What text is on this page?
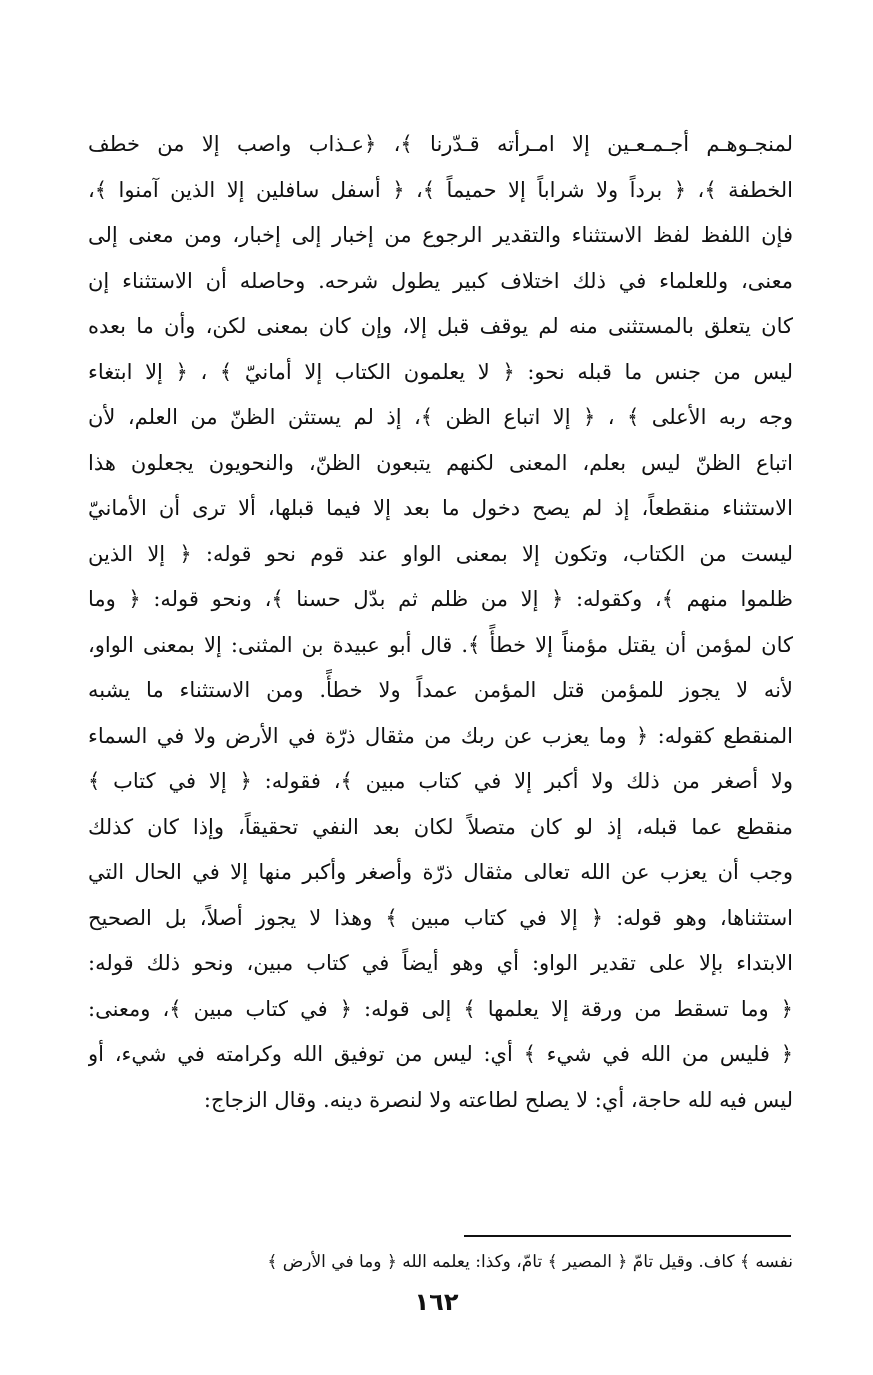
لمنجـوهـم أجـمـعـين إلا امـرأته قـدّرنا ﴾، ﴿عـذاب واصب إلا من خطف
الخطفة ﴾، ﴿ برداً ولا شراباً إلا حميماً ﴾، ﴿ أسفل سافلين إلا الذين آمنوا ﴾،
فإن اللفظ لفظ الاستثناء والتقدير الرجوع من إخبار إلى إخبار، ومن معنى إلى
معنى، وللعلماء في ذلك اختلاف كبير يطول شرحه. وحاصله أن الاستثناء إن
كان يتعلق بالمستثنى منه لم يوقف قبل إلا، وإن كان بمعنى لكن، وأن ما بعده
ليس من جنس ما قبله نحو: ﴿ لا يعلمون الكتاب إلا أمانيّ ﴾ ، ﴿ إلا ابتغاء
وجه ربه الأعلى ﴾ ، ﴿ إلا اتباع الظن ﴾، إذ لم يستثن الظنّ من العلم، لأن
اتباع الظنّ ليس بعلم، المعنى لكنهم يتبعون الظنّ، والنحويون يجعلون هذا
الاستثناء منقطعاً، إذ لم يصح دخول ما بعد إلا فيما قبلها، ألا ترى أن الأمانيّ
ليست من الكتاب، وتكون إلا بمعنى الواو عند قوم نحو قوله: ﴿ إلا الذين
ظلموا منهم ﴾، وكقوله: ﴿ إلا من ظلم ثم بدّل حسنا ﴾، ونحو قوله: ﴿ وما
كان لمؤمن أن يقتل مؤمناً إلا خطأً ﴾. قال أبو عبيدة بن المثنى: إلا بمعنى الواو،
لأنه لا يجوز للمؤمن قتل المؤمن عمداً ولا خطأً. ومن الاستثناء ما يشبه
المنقطع كقوله: ﴿ وما يعزب عن ربك من مثقال ذرّة في الأرض ولا في السماء
ولا أصغر من ذلك ولا أكبر إلا في كتاب مبين ﴾، فقوله: ﴿ إلا في كتاب ﴾
منقطع عما قبله، إذ لو كان متصلاً لكان بعد النفي تحقيقاً، وإذا كان كذلك
وجب أن يعزب عن الله تعالى مثقال ذرّة وأصغر وأكبر منها إلا في الحال التي
استثناها، وهو قوله: ﴿ إلا في كتاب مبين ﴾ وهذا لا يجوز أصلاً، بل الصحيح
الابتداء بإلا على تقدير الواو: أي وهو أيضاً في كتاب مبين، ونحو ذلك قوله:
﴿ وما تسقط من ورقة إلا يعلمها ﴾ إلى قوله: ﴿ في كتاب مبين ﴾، ومعنى:
﴿ فليس من الله في شيء ﴾ أي: ليس من توفيق الله وكرامته في شيء، أو
ليس فيه لله حاجة، أي: لا يصلح لطاعته ولا لنصرة دينه. وقال الزجاج:
نفسه ﴾ كاف. وقيل تامّ ﴿ المصير ﴾ تامّ، وكذا: يعلمه الله ﴿ وما في الأرض ﴾
١٦٢
